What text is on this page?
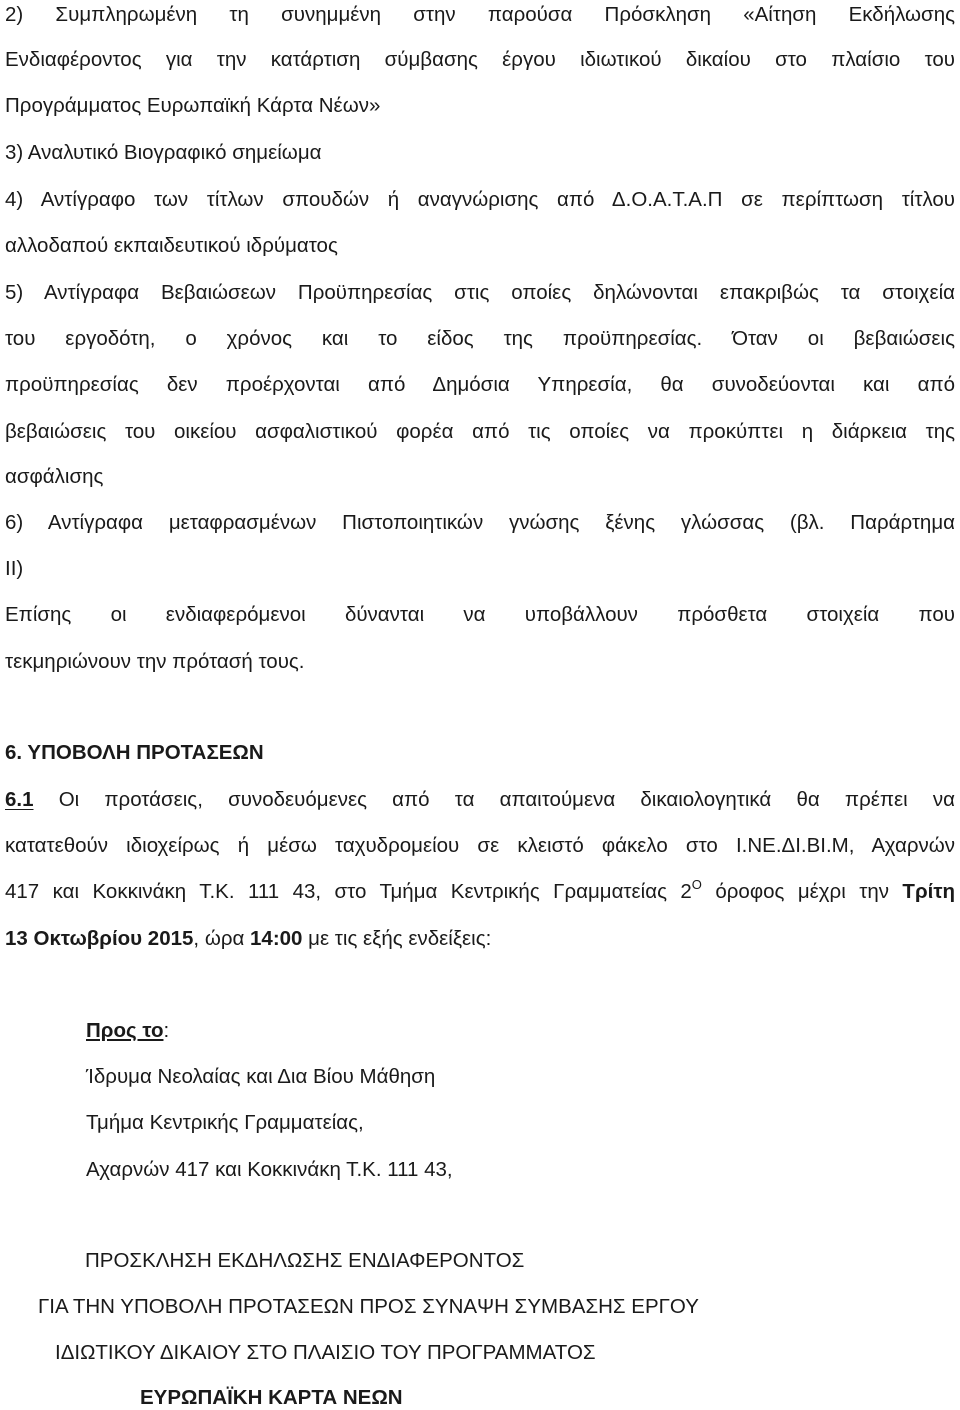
2) Συμπληρωμένη τη συνημμένη στην παρούσα Πρόσκληση «Αίτηση Εκδήλωσης
Ενδιαφέροντος για την κατάρτιση σύμβασης έργου ιδιωτικού δικαίου στο πλαίσιο του
Προγράμματος Ευρωπαϊκή Κάρτα Νέων»
3) Αναλυτικό Βιογραφικό σημείωμα
4) Αντίγραφο των τίτλων σπουδών ή αναγνώρισης από Δ.Ο.Α.Τ.Α.Π σε περίπτωση τίτλου
αλλοδαπού εκπαιδευτικού ιδρύματος
5) Αντίγραφα Βεβαιώσεων Προϋπηρεσίας στις οποίες δηλώνονται επακριβώς τα στοιχεία
του εργοδότη, ο χρόνος και το είδος της προϋπηρεσίας. Όταν οι βεβαιώσεις
προϋπηρεσίας δεν προέρχονται από Δημόσια Υπηρεσία, θα συνοδεύονται και από
βεβαιώσεις του οικείου ασφαλιστικού φορέα από τις οποίες να προκύπτει η διάρκεια της
ασφάλισης
6) Αντίγραφα μεταφρασμένων Πιστοποιητικών γνώσης ξένης γλώσσας (βλ. Παράρτημα
ΙΙ)
Επίσης οι ενδιαφερόμενοι δύνανται να υποβάλλουν πρόσθετα στοιχεία που
τεκμηριώνουν την πρότασή τους.
6. ΥΠΟΒΟΛΗ ΠΡΟΤΑΣΕΩΝ
6.1 Οι προτάσεις, συνοδευόμενες από τα απαιτούμενα δικαιολογητικά θα πρέπει να
κατατεθούν ιδιοχείρως ή μέσω ταχυδρομείου σε κλειστό φάκελο στο Ι.ΝΕ.ΔΙ.ΒΙ.Μ, Αχαρνών
417 και Κοκκινάκη Τ.Κ. 111 43, στο Τμήμα Κεντρικής Γραμματείας $2^O$ όροφος μέχρι την Τρίτη
13 Οκτωβρίου 2015, ώρα 14:00 με τις εξής ενδείξεις:
Προς το:
Ίδρυμα Νεολαίας και Δια Βίου Μάθηση
Τμήμα Κεντρικής Γραμματείας,
Αχαρνών 417 και Κοκκινάκη Τ.Κ. 111 43,
ΠΡΟΣΚΛΗΣΗ ΕΚΔΗΛΩΣΗΣ ΕΝΔΙΑΦΕΡΟΝΤΟΣ
ΓΙΑ ΤΗΝ ΥΠΟΒΟΛΗ ΠΡΟΤΑΣΕΩΝ ΠΡΟΣ ΣΥΝΑΨΗ ΣΥΜΒΑΣΗΣ ΕΡΓΟΥ
ΙΔΙΩΤΙΚΟΥ ΔΙΚΑΙΟΥ ΣΤΟ ΠΛΑΙΣΙΟ ΤΟΥ ΠΡΟΓΡΑΜΜΑΤΟΣ
ΕΥΡΩΠΑΪΚΗ ΚΑΡΤΑ ΝΕΩΝ
